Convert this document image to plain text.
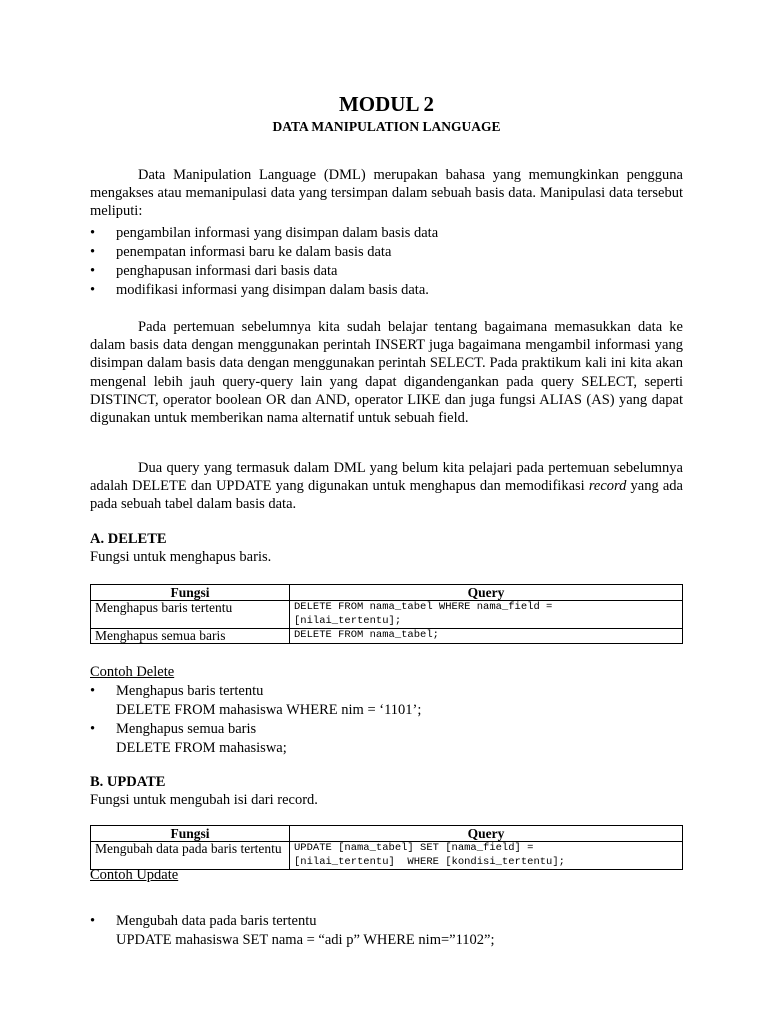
MODUL 2
DATA MANIPULATION LANGUAGE

Data Manipulation Language (DML) merupakan bahasa yang memungkinkan pengguna mengakses atau memanipulasi data yang tersimpan dalam sebuah basis data. Manipulasi data tersebut meliputi:

• pengambilan informasi yang disimpan dalam basis data
• penempatan informasi baru ke dalam basis data
• penghapusan informasi dari basis data
• modifikasi informasi yang disimpan dalam basis data.

Pada pertemuan sebelumnya kita sudah belajar tentang bagaimana memasukkan data ke dalam basis data dengan menggunakan perintah INSERT juga bagaimana mengambil informasi yang disimpan dalam basis data dengan menggunakan perintah SELECT. Pada praktikum kali ini kita akan mengenal lebih jauh query-query lain yang dapat digandengankan pada query SELECT, seperti DISTINCT, operator boolean OR dan AND, operator LIKE dan juga fungsi ALIAS (AS) yang dapat digunakan untuk memberikan nama alternatif untuk sebuah field.

Dua query yang termasuk dalam DML yang belum kita pelajari pada pertemuan sebelumnya adalah DELETE dan UPDATE yang digunakan untuk menghapus dan memodifikasi record yang ada pada sebuah tabel dalam basis data.

A. DELETE
Fungsi untuk menghapus baris.
Fungsi	Query
Menghapus baris tertentu	DELETE FROM nama_tabel WHERE nama_field =
[nilai_tertentu];
Menghapus semua baris	DELETE FROM nama_tabel;
Contoh Delete
•	Menghapus baris tertentu
DELETE FROM mahasiswa WHERE nim = ‘1101’;
•	Menghapus semua baris
DELETE FROM mahasiswa;
B. UPDATE
Fungsi untuk mengubah isi dari record.
Fungsi	Query
Mengubah data pada baris tertentu	UPDATE [nama_tabel] SET [nama_field] =
[nilai_tertentu]  WHERE [kondisi_tertentu];
Contoh Update
•	Mengubah data pada baris tertentu
UPDATE mahasiswa SET nama = “adi p” WHERE nim=”1102”;
